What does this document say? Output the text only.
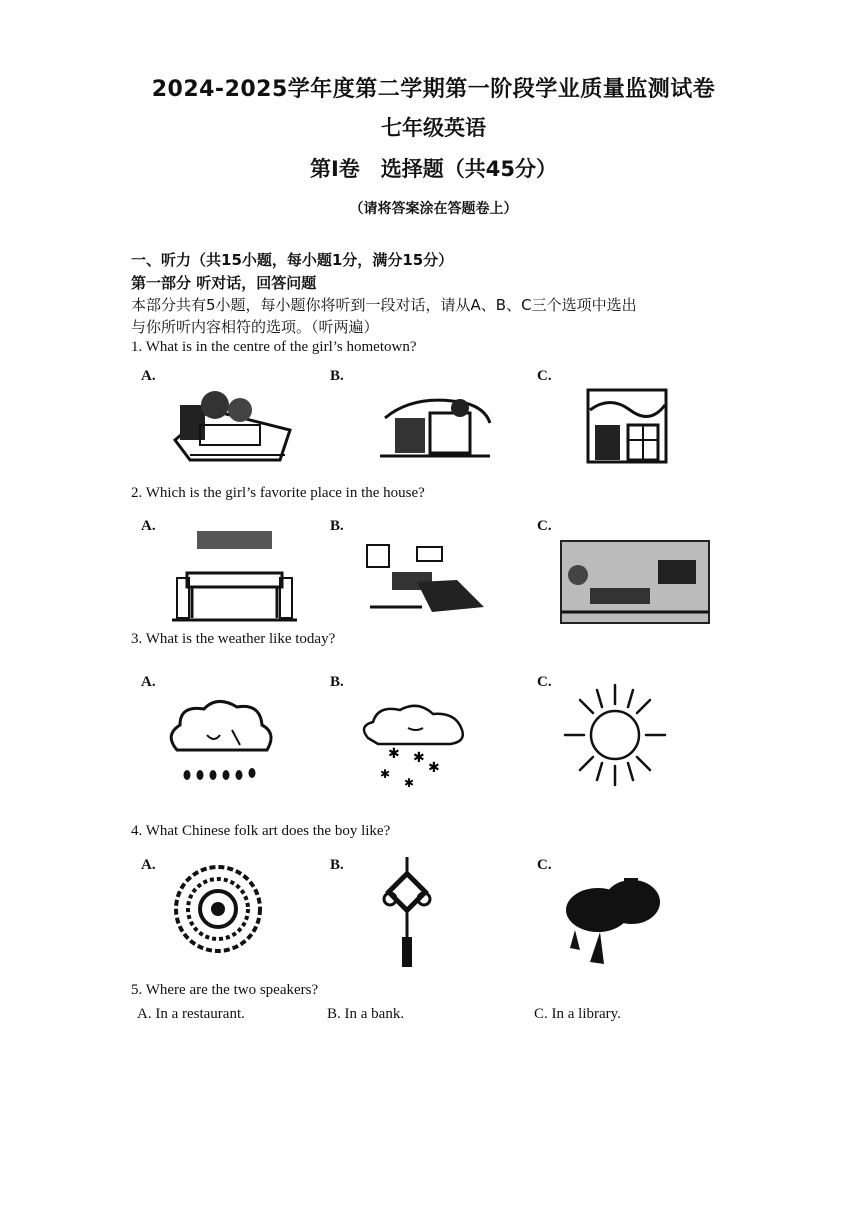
2024-2025学年度第二学期第一阶段学业质量监测试卷
七年级英语
第Ⅰ卷　选择题（共45分）
（请将答案涂在答题卷上）
一、听力（共15小题，每小题1分，满分15分）
第一部分 听对话，回答问题
本部分共有5小题，每小题你将听到一段对话，请从A、B、C三个选项中选出
与你所听内容相符的选项。（听两遍）
1. What is in the centre of the girl’s hometown?
A.	B.	C.
2. Which is the girl’s favorite place in the house?
A.	B.	C.
3. What is the weather like today?
A.	B.	C.
✱ ✱
✱
✱
✱
4. What Chinese folk art does the boy like?
A.	B.	C.
5. Where are the two speakers?
A. In a restaurant.	B. In a bank.	C. In a library.
